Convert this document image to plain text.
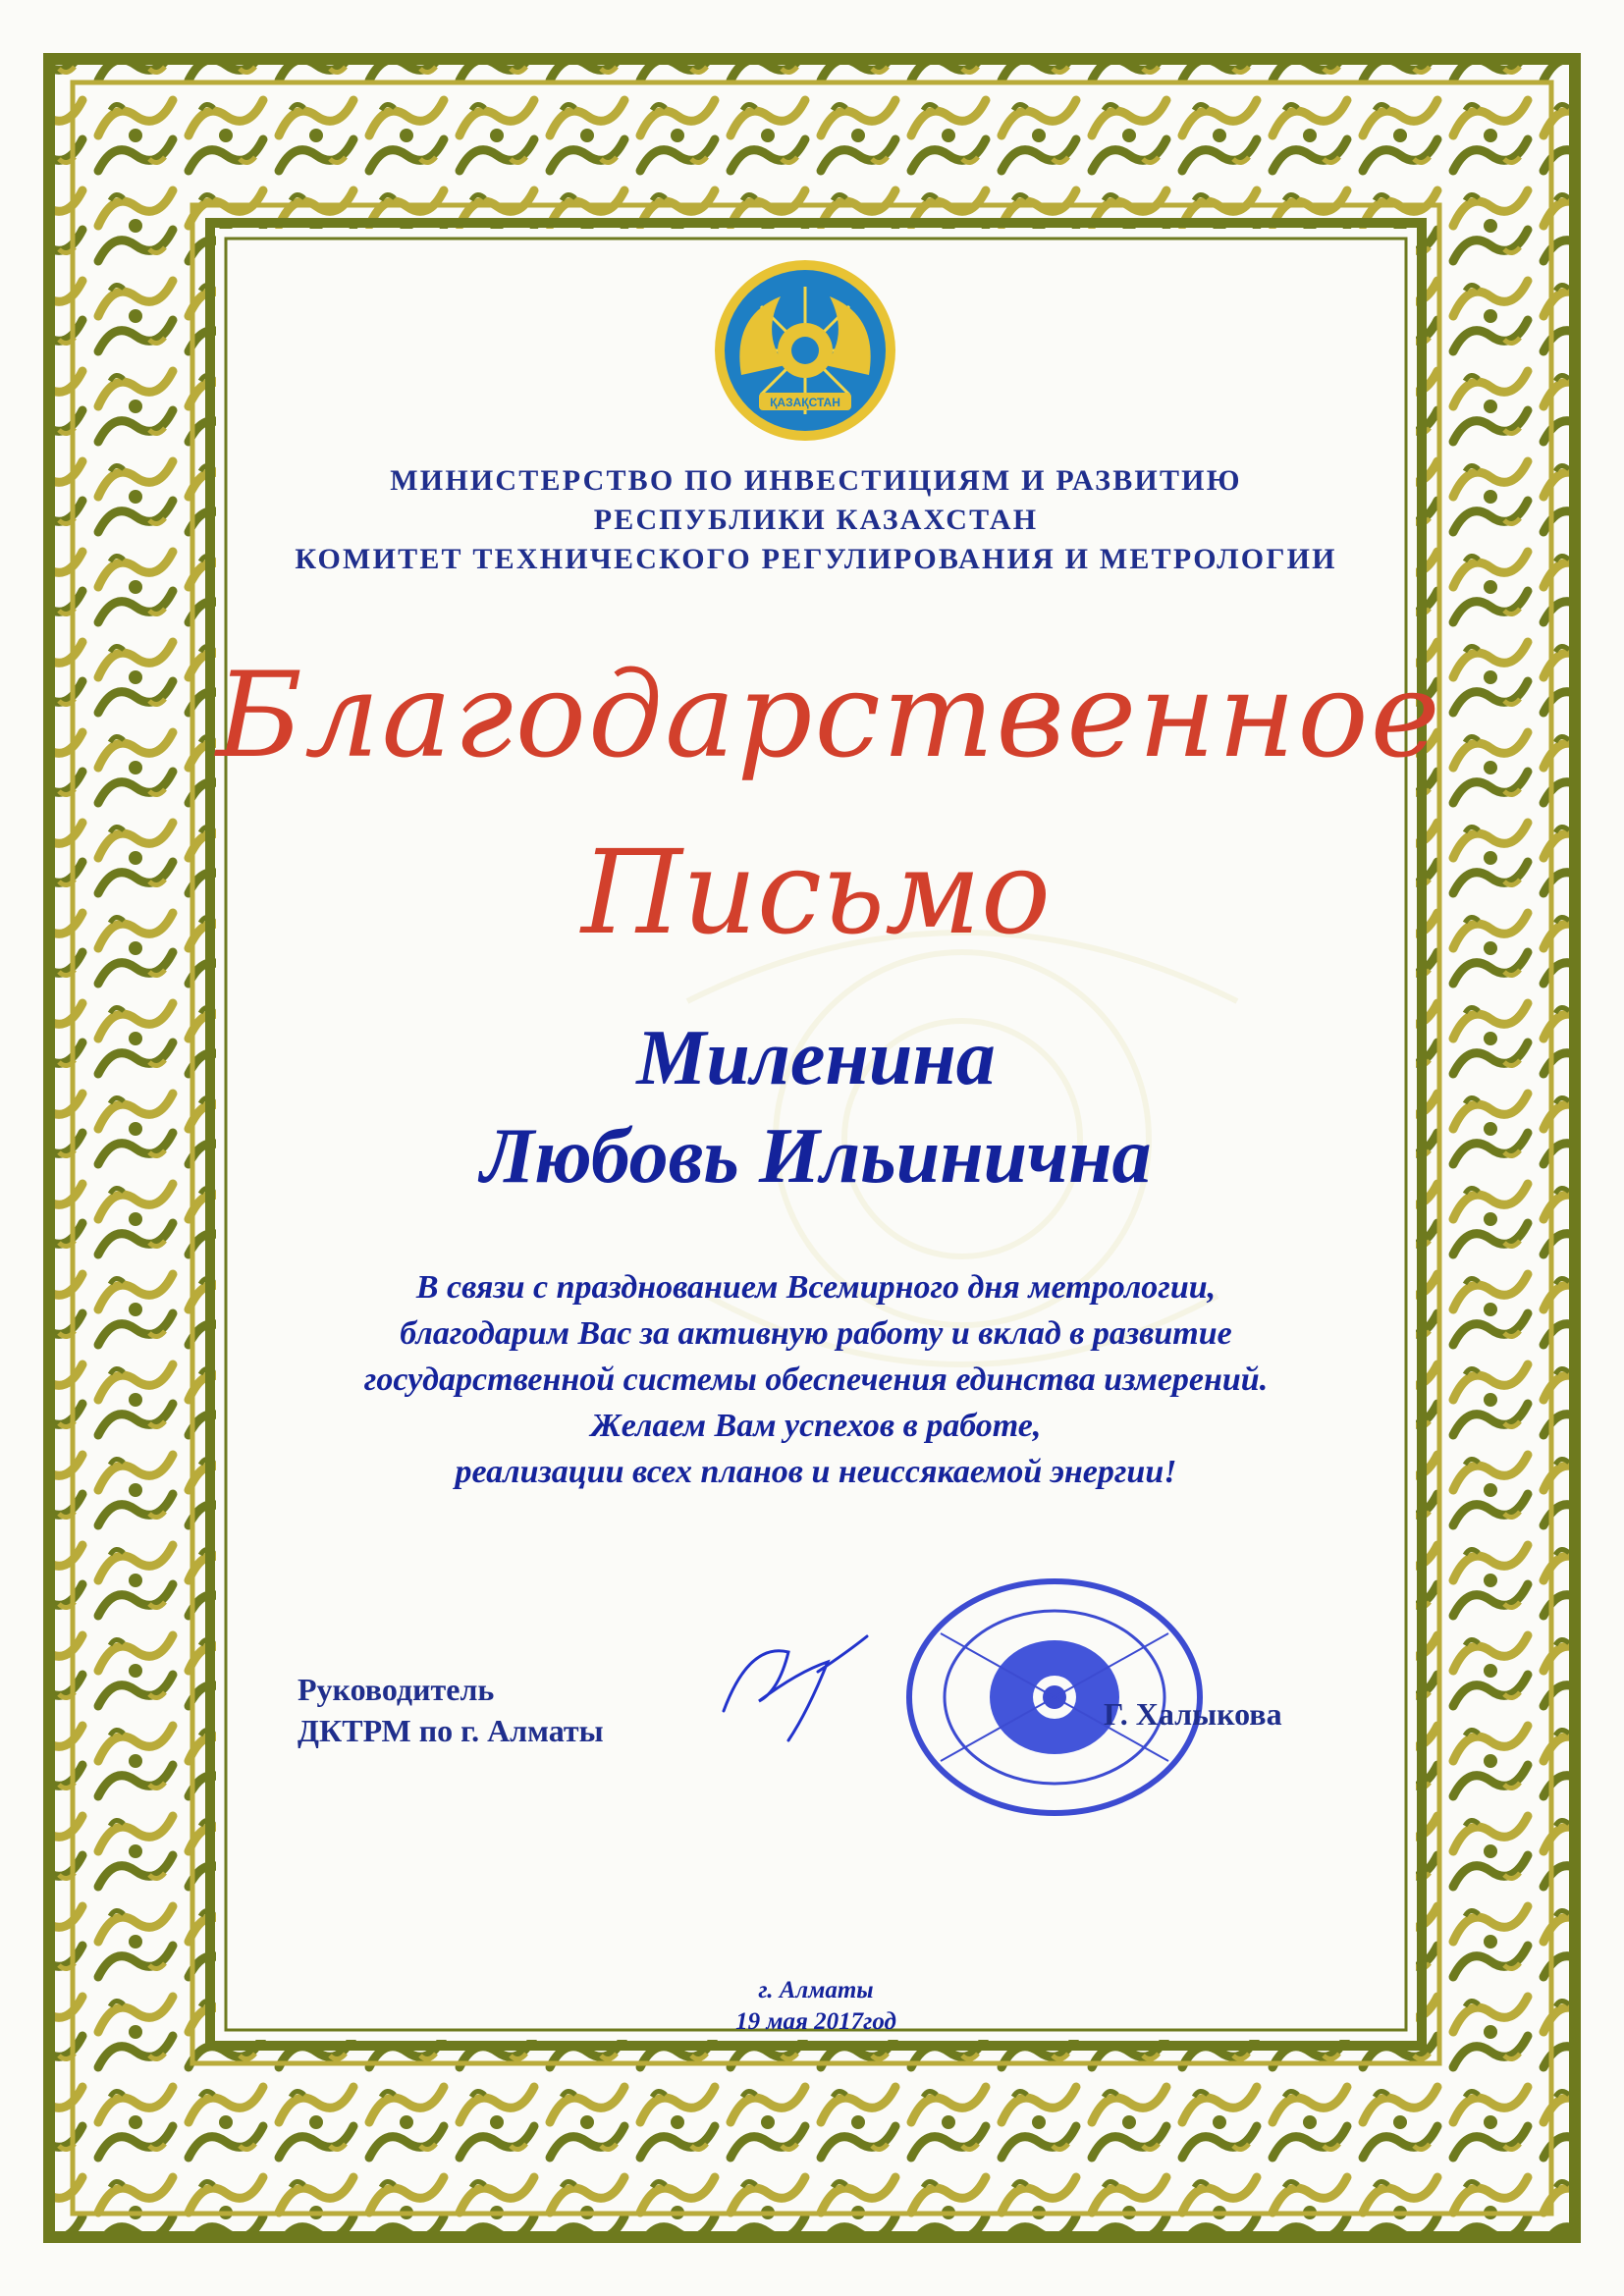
ҚАЗАҚСТАН
МИНИСТЕРСТВО ПО ИНВЕСТИЦИЯМ И РАЗВИТИЮ
РЕСПУБЛИКИ КАЗАХСТАН
КОМИТЕТ ТЕХНИЧЕСКОГО РЕГУЛИРОВАНИЯ И МЕТРОЛОГИИ
Благодарственное
Письмо
Миленина
Любовь Ильинична
В связи с празднованием Всемирного дня метрологии,
благодарим Вас за активную работу и вклад в развитие
государственной системы обеспечения единства измерений.
Желаем Вам успехов в работе,
реализации всех планов и неиссякаемой энергии!
Руководитель
ДКТРМ по г. Алматы	Г. Халыкова
г. Алматы
19 мая 2017год
